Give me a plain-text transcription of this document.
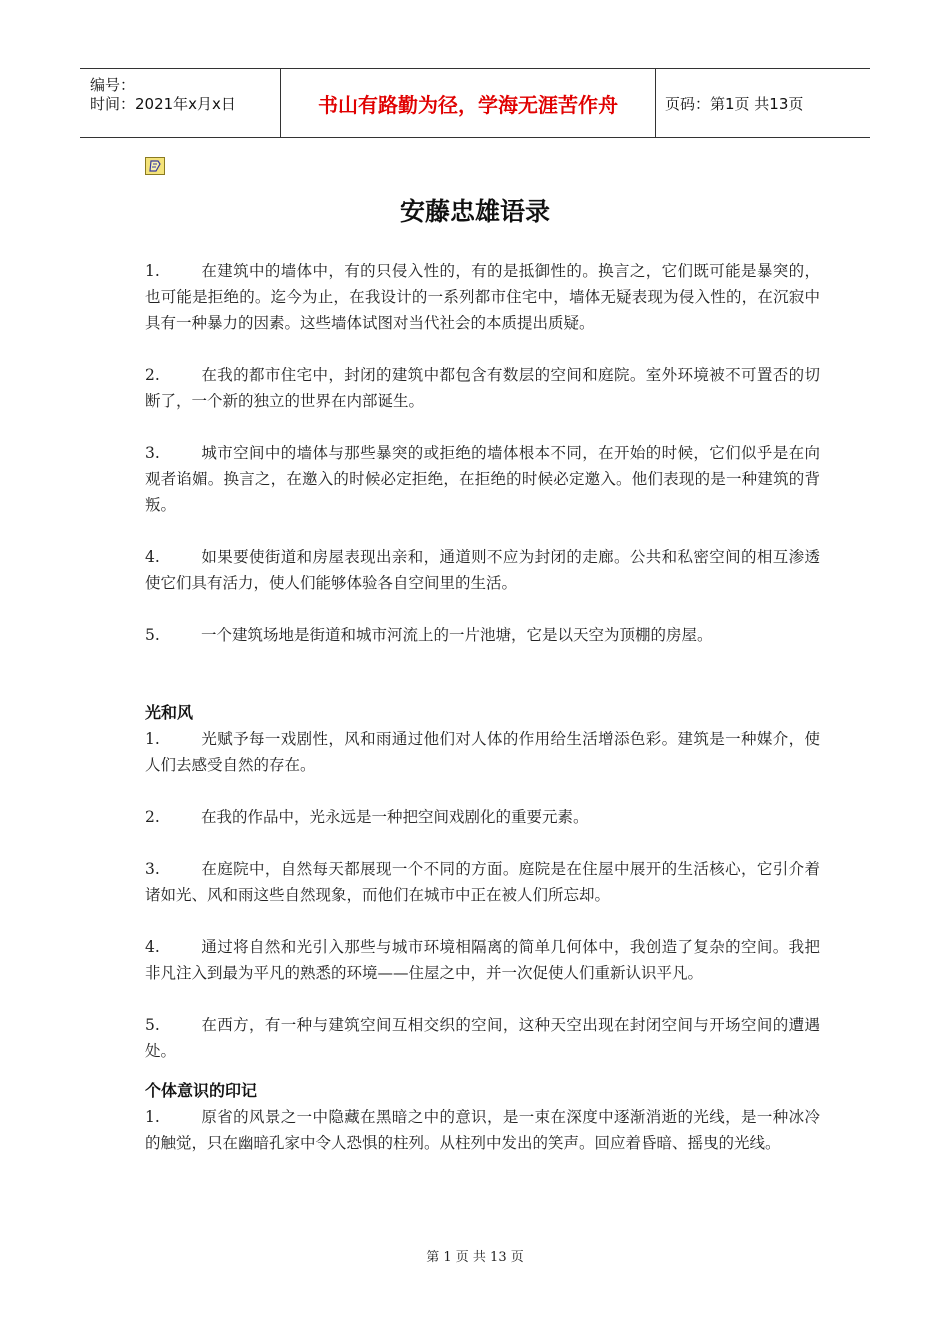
编号：
时间：2021年x月x日	书山有路勤为径，学海无涯苦作舟	页码：第1页 共13页
安藤忠雄语录

1.	在建筑中的墙体中，有的只侵入性的，有的是抵御性的。换言之，它们既可能是暴突的，也可能是拒绝的。迄今为止，在我设计的一系列都市住宅中，墙体无疑表现为侵入性的，在沉寂中具有一种暴力的因素。这些墙体试图对当代社会的本质提出质疑。

2.	在我的都市住宅中，封闭的建筑中都包含有数层的空间和庭院。室外环境被不可置否的切断了，一个新的独立的世界在内部诞生。

3.	城市空间中的墙体与那些暴突的或拒绝的墙体根本不同，在开始的时候，它们似乎是在向观者谄媚。换言之，在邀入的时候必定拒绝，在拒绝的时候必定邀入。他们表现的是一种建筑的背叛。

4.	如果要使街道和房屋表现出亲和，通道则不应为封闭的走廊。公共和私密空间的相互渗透使它们具有活力，使人们能够体验各自空间里的生活。

5.	一个建筑场地是街道和城市河流上的一片池塘，它是以天空为顶棚的房屋。

光和风

1.	光赋予每一戏剧性，风和雨通过他们对人体的作用给生活增添色彩。建筑是一种媒介，使人们去感受自然的存在。

2.	在我的作品中，光永远是一种把空间戏剧化的重要元素。

3.	在庭院中，自然每天都展现一个不同的方面。庭院是在住屋中展开的生活核心，它引介着诸如光、风和雨这些自然现象，而他们在城市中正在被人们所忘却。

4.	通过将自然和光引入那些与城市环境相隔离的简单几何体中，我创造了复杂的空间。我把非凡注入到最为平凡的熟悉的环境——住屋之中，并一次促使人们重新认识平凡。

5.	在西方，有一种与建筑空间互相交织的空间，这种天空出现在封闭空间与开场空间的遭遇处。

个体意识的印记

1.	原省的风景之一中隐藏在黑暗之中的意识，是一束在深度中逐渐消逝的光线，是一种冰冷的触觉，只在幽暗孔家中令人恐惧的柱列。从柱列中发出的笑声。回应着昏暗、摇曳的光线。

第 1 页 共 13 页
